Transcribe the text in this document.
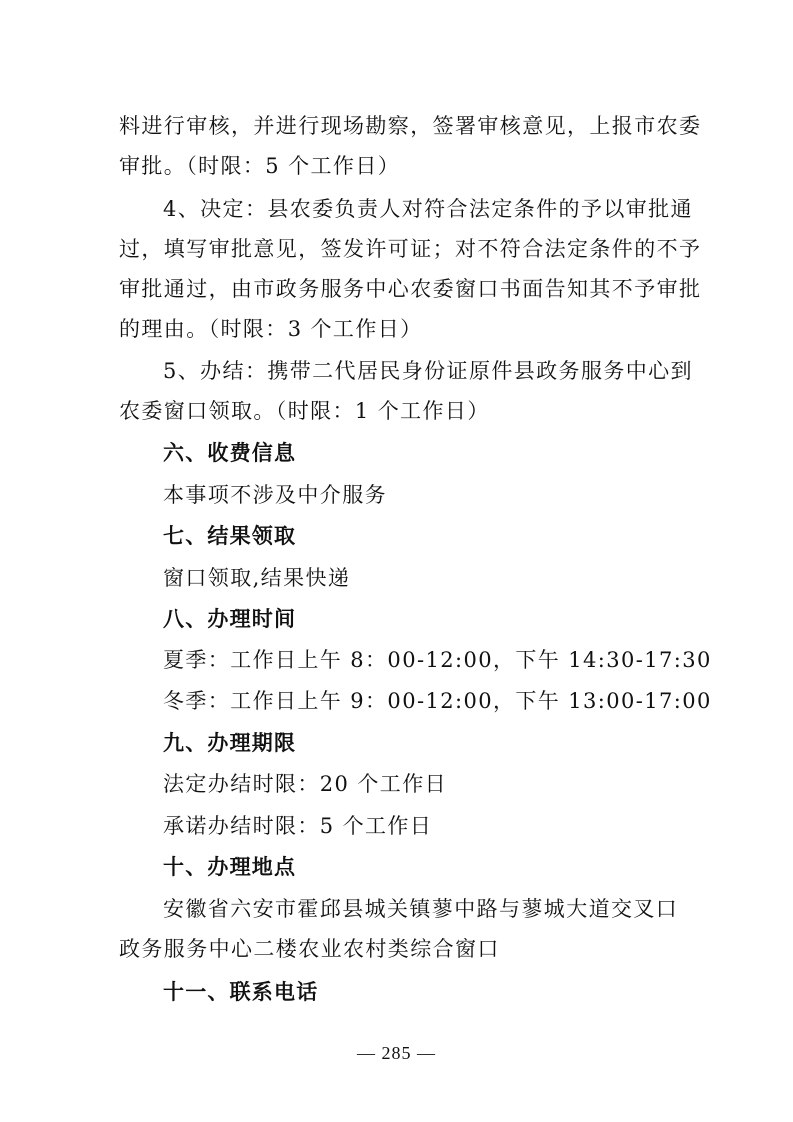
料进行审核，并进行现场勘察，签署审核意见，上报市农委
审批。（时限：5 个工作日）
4、决定：县农委负责人对符合法定条件的予以审批通
过，填写审批意见，签发许可证；对不符合法定条件的不予
审批通过，由市政务服务中心农委窗口书面告知其不予审批
的理由。（时限：3 个工作日）
5、办结：携带二代居民身份证原件县政务服务中心到
农委窗口领取。（时限：1 个工作日）
六、收费信息
本事项不涉及中介服务
七、结果领取
窗口领取,结果快递
八、办理时间
夏季：工作日上午 8：00-12:00，下午 14:30-17:30
冬季：工作日上午 9：00-12:00，下午 13:00-17:00
九、办理期限
法定办结时限：20 个工作日
承诺办结时限：5 个工作日
十、办理地点
安徽省六安市霍邱县城关镇蓼中路与蓼城大道交叉口
政务服务中心二楼农业农村类综合窗口
十一、联系电话
— 285 —
